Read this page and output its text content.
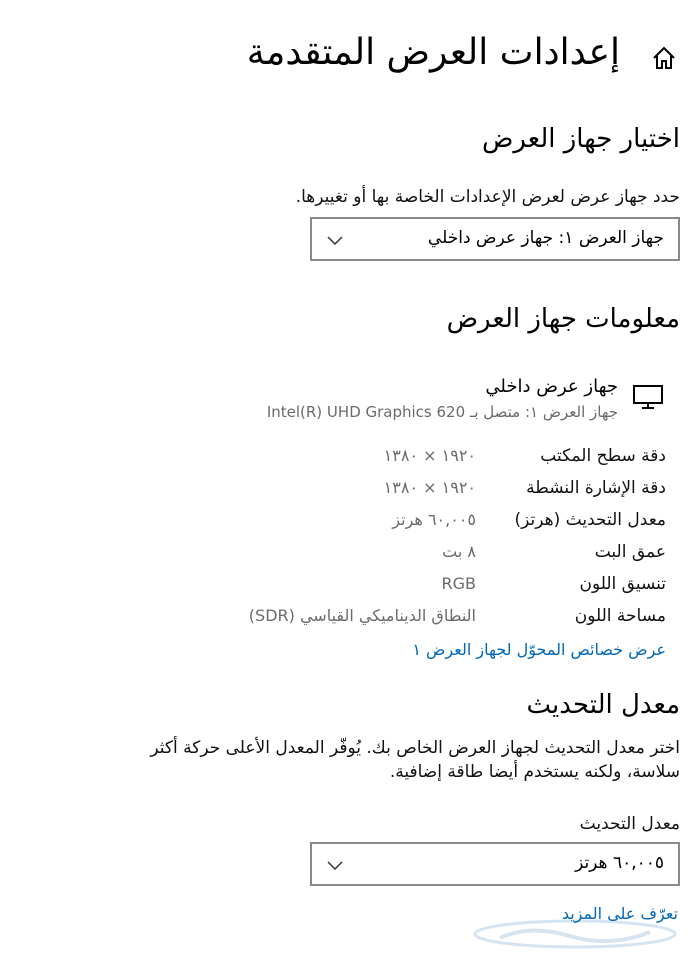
إعدادات العرض المتقدمة
اختيار جهاز العرض
حدد جهاز عرض لعرض الإعدادات الخاصة بها أو تغييرها.
جهاز العرض ١: جهاز عرض داخلي
معلومات جهاز العرض
جهاز عرض داخلي
جهاز العرض ١: متصل بـ Intel(R) UHD Graphics 620
دقة سطح المكتب
١٩٢٠ × ١٣٨٠
دقة الإشارة النشطة
١٩٢٠ × ١٣٨٠
معدل التحديث (هرتز)
٦٠,٠٠٥ هرتز
عمق البت
٨ بت
تنسيق اللون
RGB
مساحة اللون
النطاق الديناميكي القياسي (SDR)
عرض خصائص المحوّل لجهاز العرض ١
معدل التحديث
اختر معدل التحديث لجهاز العرض الخاص بك. يُوفّر المعدل الأعلى حركة أكثر
سلاسة، ولكنه يستخدم أيضا طاقة إضافية.
معدل التحديث
٦٠,٠٠٥ هرتز
تعرّف على المزيد
